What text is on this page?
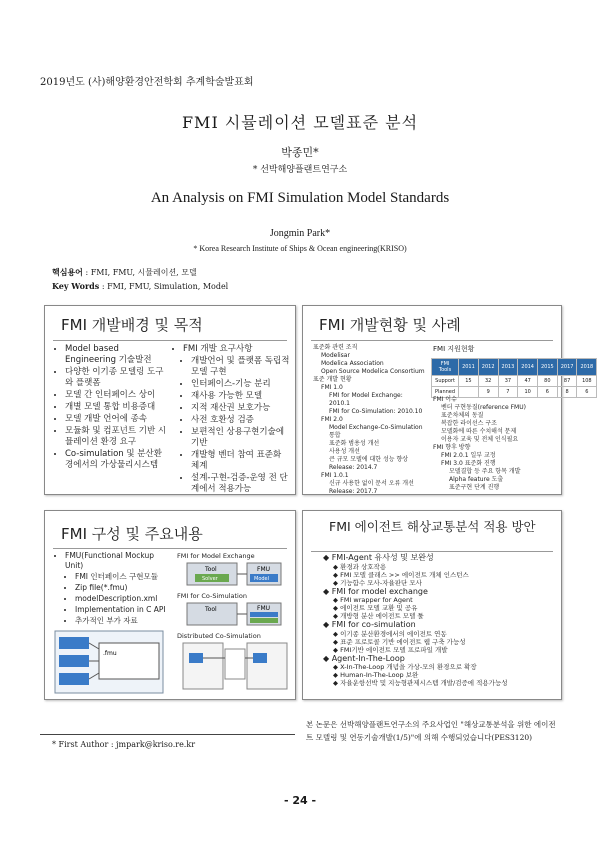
2019년도 (사)해양환경안전학회 추계학술발표회
FMI 시뮬레이션 모델표준 분석
박종민*
* 선박해양플랜트연구소
An Analysis on FMI Simulation Model Standards
Jongmin Park*
* Korea Research Institute of Ships & Ocean engineering(KRISO)
핵심용어 : FMI, FMU, 시뮬레이션, 모델
Key Words : FMI, FMU, Simulation, Model
FMI 개발배경 및 목적
• Model based Engineering 기술발전
• 다양한 이기종 모델링 도구와 플랫폼
• 모델 간 인터페이스 상이
• 개별 모델 통합 비용증대
• 모델 개발 언어에 종속
• 모듈화 및 컴포넌트 기반 시뮬레이션 환경 요구
• Co-simulation 및 분산환경에서의 가상물리시스템
• FMI 개발 요구사항
• 개발언어 및 플랫폼 독립적 모델 구현
• 인터페이스-기능 분리
• 재사용 가능한 모델
• 지적 재산권 보호가능
• 사전 호환성 검증
• 보편적인 상용구현기술에 기반
• 개발형 벤더 참여 표준화 체계
• 설계-구현-검증-운영 전 단계에서 적용가능
FMI 개발현황 및 사례
표준화 관련 조직
Modelisar
Modelica Association
Open Source Modelica Consortium
표준 개발 현황
FMI 1.0
FMI for Model Exchange: 2010.1
FMI for Co-Simulation: 2010.10
FMI 2.0
Model Exchange-Co-Simulation 통합
표준화 범용성 개선
사용성 개선
큰 규모 모델에 대한 성능 향상
Release: 2014.7
FMI 1.0.1
신규 사용한 없이 문서 오류 개선
Release: 2017.7
FMI 지원현황
FMI Tools	2011	2012	2013	2014	2015	2017	2018
Support	15	32	37	47	80	87	108
Planned		9	7	10	6	8	6
FMI 이슈
벤더 구현동질(reference FMU)
표준차체의 동질
복잡한 라이선스 구조
모델화에 따른 수치해석 문제
이용자 교육 및 전체 인식필요
FMI 향후 방향
FMI 2.0.1 일부 교정
FMI 3.0 표준화 진행
모델결합 등 주요 항목 개발
Alpha feature 도출
표준구현 단계 진행
FMI 구성 및 주요내용
• FMU(Functional Mockup Unit)
• FMI 인터페이스 구현모듈
• Zip file(*.fmu)
• modelDescription.xml
• Implementation in C API
• 추가적인 부가 자료
.fmu
FMI for Model Exchange
Tool
Solver
FMU
Model
FMI for Co-Simulation
Tool	FMU
Distributed Co-Simulation
FMI 에이전트 해상교통분석 적용 방안
◆ FMI-Agent 유사성 및 보완성
◆ 환경과 상호작용
◆ FMI 모델 클래스 >> 에이전트 개체 인스턴스
◆ 기능함수 모사-자율판단 모사
◆ FMI for model exchange
◆ FMI wrapper for Agent
◆ 에이전트 모델 교환 및 공유
◆ 개방형 분산 에이전트 모델 툴
◆ FMI for co-simulation
◆ 이기종 분산환경에서의 에이전트 연동
◆ 표준 프로토콜 기반 에이전트 웹 구축 가능성
◆ FMI기반 에이전트 모델 프로파일 개발
◆ Agent-In-The-Loop
◆ X-In-The-Loop 개념을 가상-모의 환경으로 확장
◆ Human-In-The-Loop 보완
◆ 자율운항선박 및 지능형관제시스템 개발/검증에 적용가능성
본 논문은 선박해양플랜트연구소의 주요사업인 "해상교통분석을 위한 에이전트 모델링 및 연동기술개발(1/5)"에 의해 수행되었습니다(PES3120)
* First Author : jmpark@kriso.re.kr
- 24 -
